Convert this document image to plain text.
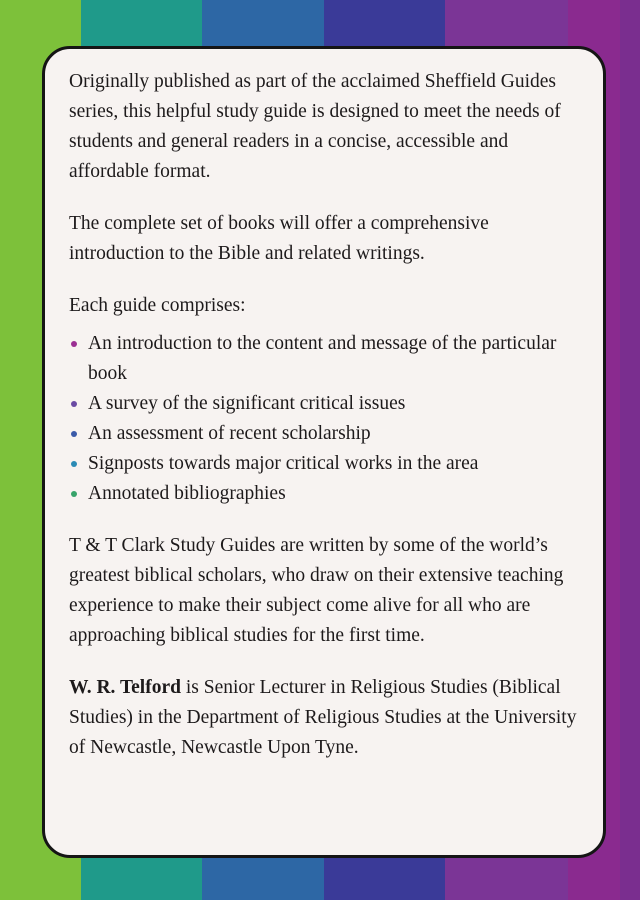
Originally published as part of the acclaimed Sheffield Guides series, this helpful study guide is designed to meet the needs of students and general readers in a concise, accessible and affordable format.

The complete set of books will offer a comprehensive introduction to the Bible and related writings.

Each guide comprises:

An introduction to the content and message of the particular book
A survey of the significant critical issues
An assessment of recent scholarship
Signposts towards major critical works in the area
Annotated bibliographies

T & T Clark Study Guides are written by some of the world’s greatest biblical scholars, who draw on their extensive teaching experience to make their subject come alive for all who are approaching biblical studies for the first time.

W. R. Telford is Senior Lecturer in Religious Studies (Biblical Studies) in the Department of Religious Studies at the University of Newcastle, Newcastle Upon Tyne.
